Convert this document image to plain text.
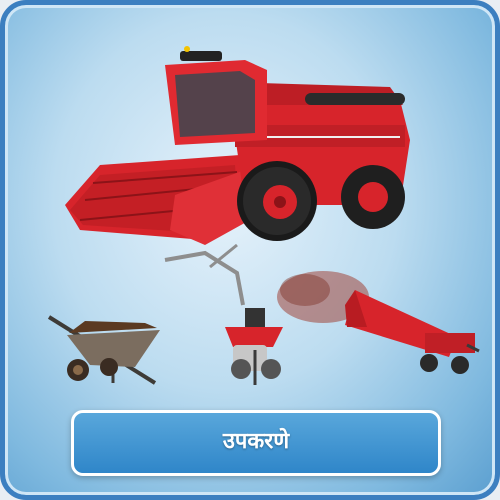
उपकरणे
